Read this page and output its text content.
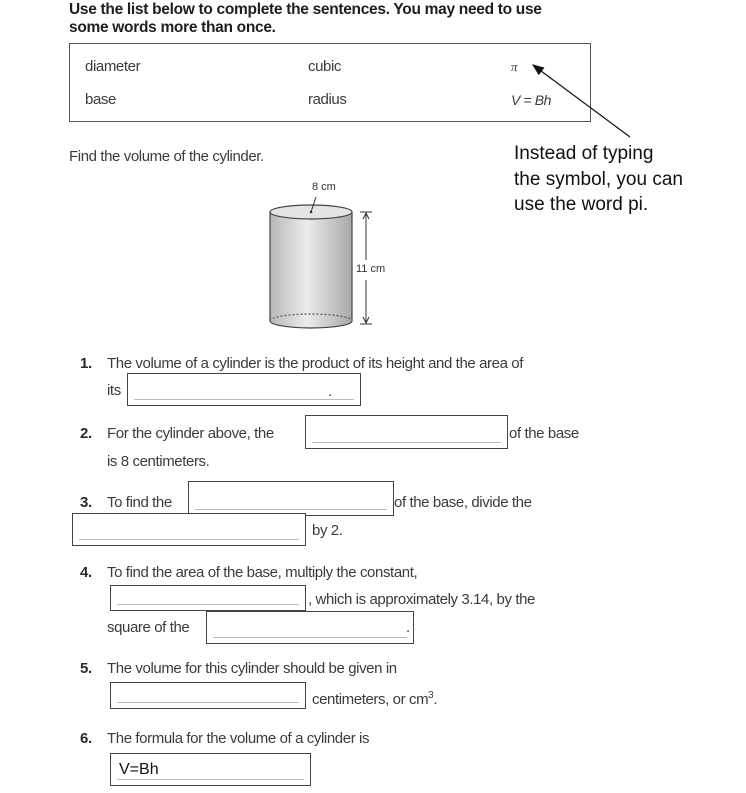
Use the list below to complete the sentences. You may need to use
some words more than once.
diameter	cubic	π
base	radius	V = Bh
Instead of typing the symbol, you can use the word pi.
Find the volume of the cylinder.
8 cm
11 cm
1. The volume of a cylinder is the product of its height and the area of
its	.
2. For the cylinder above, the	of the base
is 8 centimeters.
3. To find the	of the base, divide the
by 2.
4. To find the area of the base, multiply the constant,
, which is approximately 3.14, by the
square of the	.
5. The volume for this cylinder should be given in
centimeters, or $cm^3$.
6. The formula for the volume of a cylinder is
V=Bh
